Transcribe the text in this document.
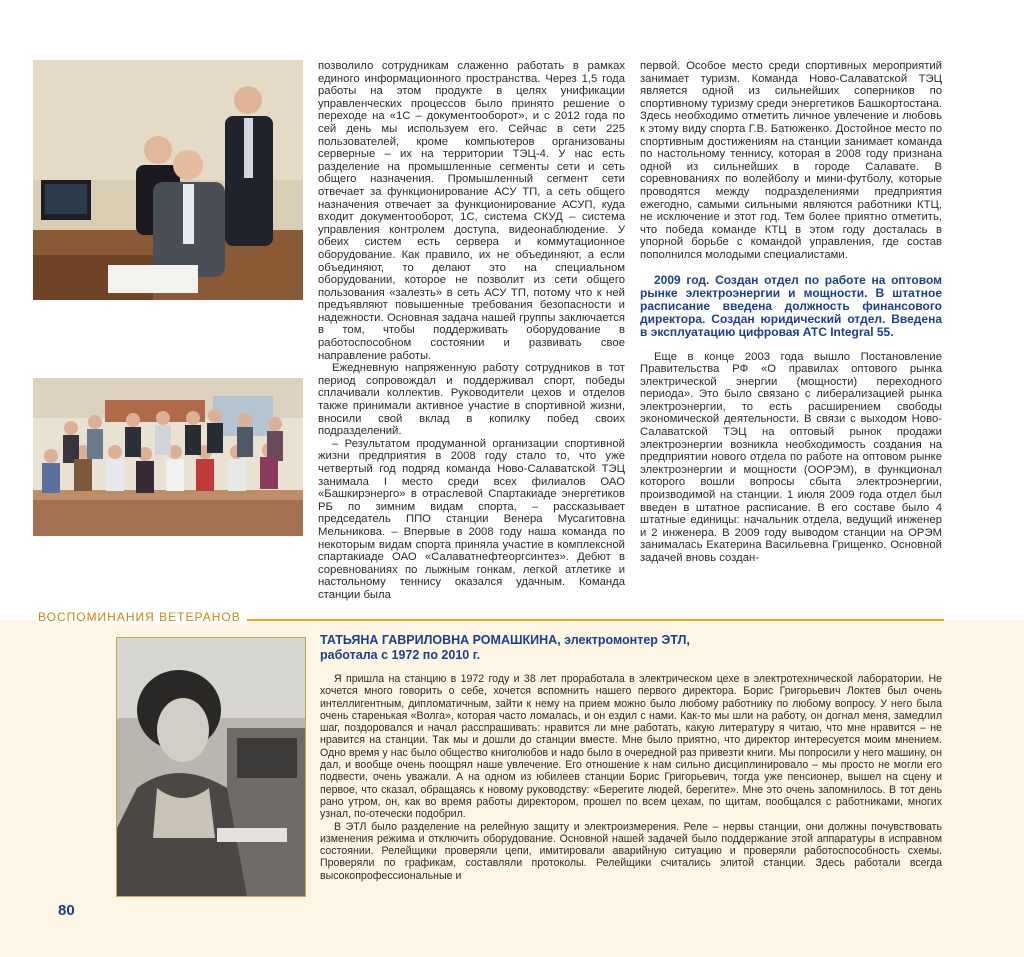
позволило сотрудникам слаженно работать в рамках единого информационного пространства. Через 1,5 года работы на этом продукте в целях унификации управленческих процессов было принято решение о переходе на «1С – документооборот», и с 2012 года по сей день мы используем его. Сейчас в сети 225 пользователей, кроме компьютеров организованы серверные – их на территории ТЭЦ-4. У нас есть разделение на промышленные сегменты сети и сеть общего назначения. Промышленный сегмент сети отвечает за функционирование АСУ ТП, а сеть общего назначения отвечает за функционирование АСУП, куда входит документооборот, 1С, система СКУД – система управления контролем доступа, видеонаблюдение. У обеих систем есть сервера и коммутационное оборудование. Как правило, их не объединяют, а если объединяют, то делают это на специальном оборудовании, которое не позволит из сети общего пользования «залезть» в сеть АСУ ТП, потому что к ней предъявляют повышенные требования безопасности и надежности. Основная задача нашей группы заключается в том, чтобы поддерживать оборудование в работоспособном состоянии и развивать свое направление работы.

Ежедневную напряженную работу сотрудников в тот период сопровождал и поддерживал спорт, победы сплачивали коллектив. Руководители цехов и отделов также принимали активное участие в спортивной жизни, вносили свой вклад в копилку побед своих подразделений.

– Результатом продуманной организации спортивной жизни предприятия в 2008 году стало то, что уже четвертый год подряд команда Ново-Салаватской ТЭЦ занимала I место среди всех филиалов ОАО «Башкирэнерго» в отраслевой Спартакиаде энергетиков РБ по зимним видам спорта, – рассказывает председатель ППО станции Венера Мусагитовна Мельникова. – Впервые в 2008 году наша команда по некоторым видам спорта приняла участие в комплексной спартакиаде ОАО «Салаватнефтеоргсинтез». Дебют в соревнованиях по лыжным гонкам, легкой атлетике и настольному теннису оказался удачным. Команда станции была

первой. Особое место среди спортивных мероприятий занимает туризм. Команда Ново-Салаватской ТЭЦ является одной из сильнейших соперников по спортивному туризму среди энергетиков Башкортостана. Здесь необходимо отметить личное увлечение и любовь к этому виду спорта Г.В. Батюженко. Достойное место по спортивным достижениям на станции занимает команда по настольному теннису, которая в 2008 году признана одной из сильнейших в городе Салавате. В соревнованиях по волейболу и мини-футболу, которые проводятся между подразделениями предприятия ежегодно, самыми сильными являются работники КТЦ, не исключение и этот год. Тем более приятно отметить, что победа команде КТЦ в этом году досталась в упорной борьбе с командой управления, где состав пополнился молодыми специалистами.

2009 год. Создан отдел по работе на оптовом рынке электроэнергии и мощности. В штатное расписание введена должность финансового директора. Создан юридический отдел. Введена в эксплуатацию цифровая АТС Integral 55.

Еще в конце 2003 года вышло Постановление Правительства РФ «О правилах оптового рынка электрической энергии (мощности) переходного периода». Это было связано с либерализацией рынка электроэнергии, то есть расширением свободы экономической деятельности. В связи с выходом Ново-Салаватской ТЭЦ на оптовый рынок продажи электроэнергии возникла необходимость создания на предприятии нового отдела по работе на оптовом рынке электроэнергии и мощности (ООРЭМ), в функционал которого вошли вопросы сбыта электроэнергии, производимой на станции. 1 июля 2009 года отдел был введен в штатное расписание. В его составе было 4 штатные единицы: начальник отдела, ведущий инженер и 2 инженера. В 2009 году выводом станции на ОРЭМ занималась Екатерина Васильевна Грищенко. Основной задачей вновь создан-

ВОСПОМИНАНИЯ ВЕТЕРАНОВ
ТАТЬЯНА ГАВРИЛОВНА РОМАШКИНА, электромонтер ЭТЛ,
работала с 1972 по 2010 г.

Я пришла на станцию в 1972 году и 38 лет проработала в электрическом цехе в электротехнической лаборатории. Не хочется много говорить о себе, хочется вспомнить нашего первого директора. Борис Григорьевич Локтев был очень интеллигентным, дипломатичным, зайти к нему на прием можно было любому работнику по любому вопросу. У него была очень старенькая «Волга», которая часто ломалась, и он ездил с нами. Как-то мы шли на работу, он догнал меня, замедлил шаг, поздоровался и начал расспрашивать: нравится ли мне работать, какую литературу я читаю, что мне нравится – не нравится на станции. Так мы и дошли до станции вместе. Мне было приятно, что директор интересуется моим мнением. Одно время у нас было общество книголюбов и надо было в очередной раз привезти книги. Мы попросили у него машину, он дал, и вообще очень поощрял наше увлечение. Его отношение к нам сильно дисциплинировало – мы просто не могли его подвести, очень уважали. А на одном из юбилеев станции Борис Григорьевич, тогда уже пенсионер, вышел на сцену и первое, что сказал, обращаясь к новому руководству: «Берегите людей, берегите». Мне это очень запомнилось. В тот день рано утром, он, как во время работы директором, прошел по всем цехам, по щитам, пообщался с работниками, многих узнал, по-отечески подобрил.

В ЭТЛ было разделение на релейную защиту и электроизмерения. Реле – нервы станции, они должны почувствовать изменения режима и отключить оборудование. Основной нашей задачей было поддержание этой аппаратуры в исправном состоянии. Релейщики проверяли цепи, имитировали аварийную ситуацию и проверяли работоспособность схемы. Проверяли по графикам, составляли протоколы. Релейщики считались элитой станции. Здесь работали всегда высокопрофессиональные и

80
